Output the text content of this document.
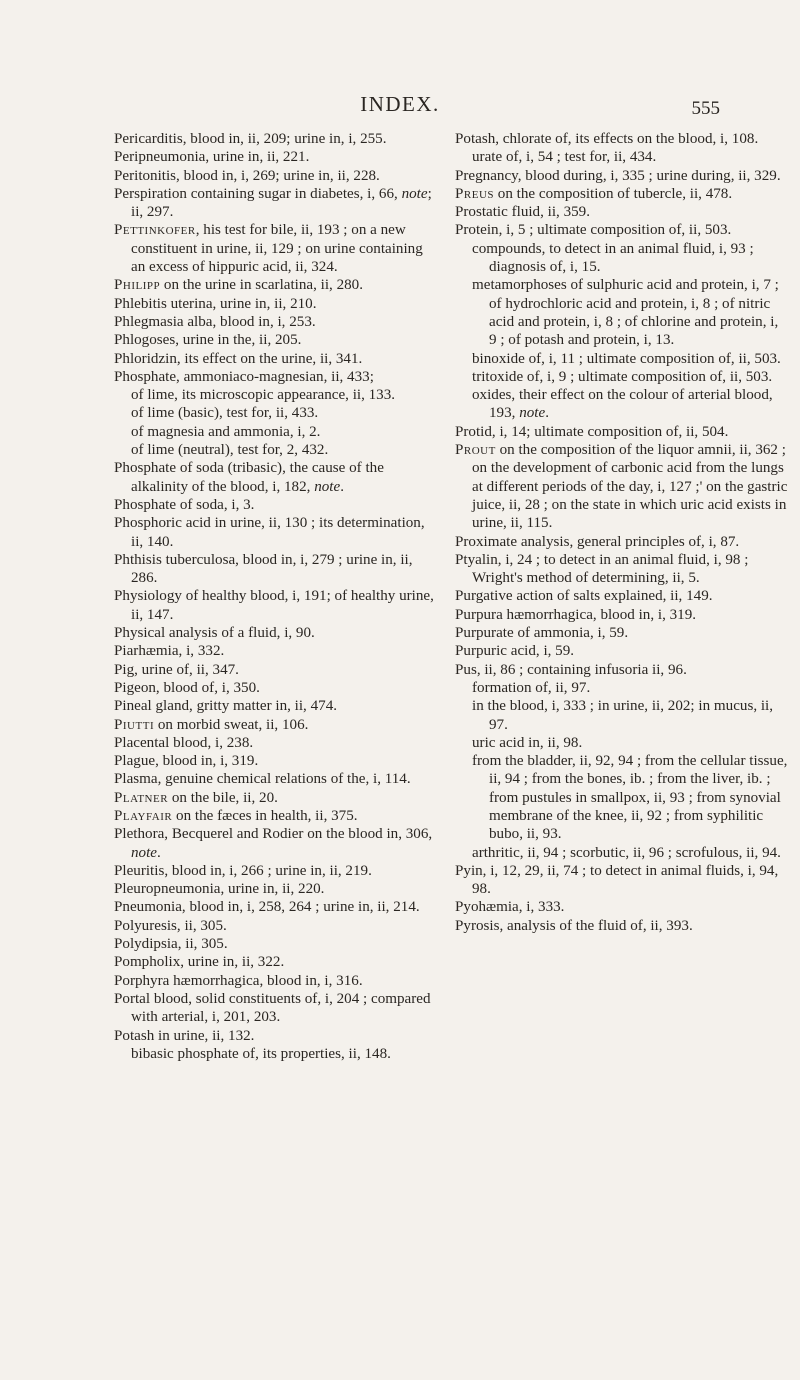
INDEX.	555

Pericarditis, blood in, ii, 209; urine in, i, 255.

Peripneumonia, urine in, ii, 221.

Peritonitis, blood in, i, 269; urine in, ii, 228.

Perspiration containing sugar in diabetes, i, 66, note; ii, 297.

Pettinkofer, his test for bile, ii, 193 ; on a new constituent in urine, ii, 129 ; on urine containing an excess of hippuric acid, ii, 324.

Philipp on the urine in scarlatina, ii, 280.

Phlebitis uterina, urine in, ii, 210.

Phlegmasia alba, blood in, i, 253.

Phlogoses, urine in the, ii, 205.

Phloridzin, its effect on the urine, ii, 341.

Phosphate, ammoniaco-magnesian, ii, 433;

of lime, its microscopic appearance, ii, 133.

of lime (basic), test for, ii, 433.

of magnesia and ammonia, i, 2.

of lime (neutral), test for, 2, 432.

Phosphate of soda (tribasic), the cause of the alkalinity of the blood, i, 182, note.

Phosphate of soda, i, 3.

Phosphoric acid in urine, ii, 130 ; its determination, ii, 140.

Phthisis tuberculosa, blood in, i, 279 ; urine in, ii, 286.

Physiology of healthy blood, i, 191; of healthy urine, ii, 147.

Physical analysis of a fluid, i, 90.

Piarhæmia, i, 332.

Pig, urine of, ii, 347.

Pigeon, blood of, i, 350.

Pineal gland, gritty matter in, ii, 474.

Piutti on morbid sweat, ii, 106.

Placental blood, i, 238.

Plague, blood in, i, 319.

Plasma, genuine chemical relations of the, i, 114.

Platner on the bile, ii, 20.

Playfair on the fæces in health, ii, 375.

Plethora, Becquerel and Rodier on the blood in, 306, note.

Pleuritis, blood in, i, 266 ; urine in, ii, 219.

Pleuropneumonia, urine in, ii, 220.

Pneumonia, blood in, i, 258, 264 ; urine in, ii, 214.

Polyuresis, ii, 305.

Polydipsia, ii, 305.

Pompholix, urine in, ii, 322.

Porphyra hæmorrhagica, blood in, i, 316.

Portal blood, solid constituents of, i, 204 ; compared with arterial, i, 201, 203.

Potash in urine, ii, 132.

bibasic phosphate of, its properties, ii, 148.

Potash, chlorate of, its effects on the blood, i, 108.

urate of, i, 54 ; test for, ii, 434.

Pregnancy, blood during, i, 335 ; urine during, ii, 329.

Preus on the composition of tubercle, ii, 478.

Prostatic fluid, ii, 359.

Protein, i, 5 ; ultimate composition of, ii, 503.

compounds, to detect in an animal fluid, i, 93 ; diagnosis of, i, 15.

metamorphoses of sulphuric acid and protein, i, 7 ; of hydrochloric acid and protein, i, 8 ; of nitric acid and protein, i, 8 ; of chlorine and protein, i, 9 ; of potash and protein, i, 13.

binoxide of, i, 11 ; ultimate composition of, ii, 503.

tritoxide of, i, 9 ; ultimate composition of, ii, 503.

oxides, their effect on the colour of arterial blood, 193, note.

Protid, i, 14; ultimate composition of, ii, 504.

Prout on the composition of the liquor amnii, ii, 362 ; on the development of carbonic acid from the lungs at different periods of the day, i, 127 ;' on the gastric juice, ii, 28 ; on the state in which uric acid exists in urine, ii, 115.

Proximate analysis, general principles of, i, 87.

Ptyalin, i, 24 ; to detect in an animal fluid, i, 98 ; Wright's method of determining, ii, 5.

Purgative action of salts explained, ii, 149.

Purpura hæmorrhagica, blood in, i, 319.

Purpurate of ammonia, i, 59.

Purpuric acid, i, 59.

Pus, ii, 86 ; containing infusoria ii, 96.

formation of, ii, 97.

in the blood, i, 333 ; in urine, ii, 202; in mucus, ii, 97.

uric acid in, ii, 98.

from the bladder, ii, 92, 94 ; from the cellular tissue, ii, 94 ; from the bones, ib. ; from the liver, ib. ; from pustules in smallpox, ii, 93 ; from synovial membrane of the knee, ii, 92 ; from syphilitic bubo, ii, 93.

arthritic, ii, 94 ; scorbutic, ii, 96 ; scrofulous, ii, 94.

Pyin, i, 12, 29, ii, 74 ; to detect in animal fluids, i, 94, 98.

Pyohæmia, i, 333.

Pyrosis, analysis of the fluid of, ii, 393.
